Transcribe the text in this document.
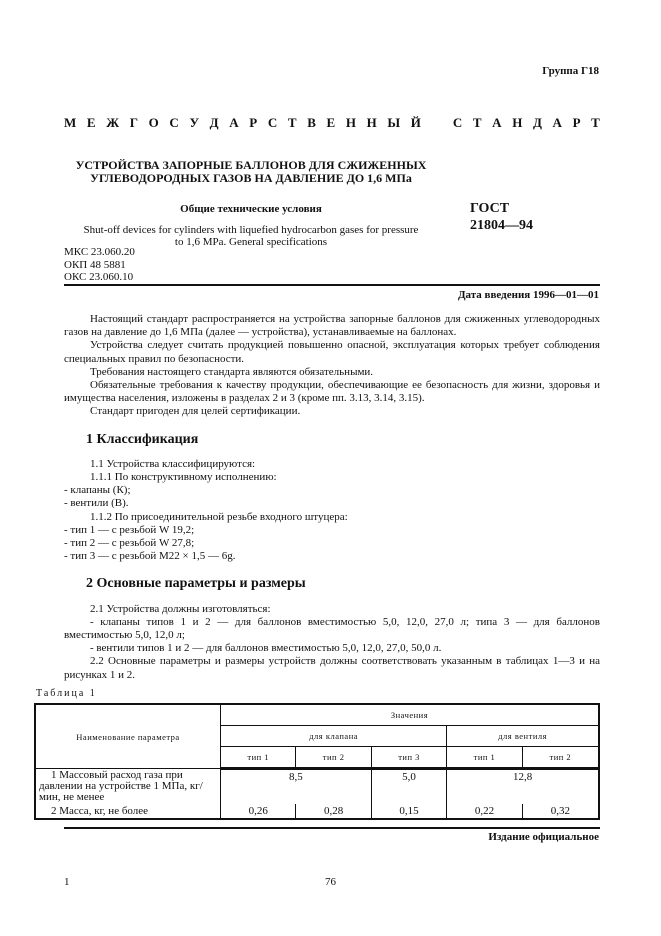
Группа Г18
М Е Ж Г О С У Д А Р С Т В Е Н Н Ы Й С Т А Н Д А Р Т
УСТРОЙСТВА ЗАПОРНЫЕ БАЛЛОНОВ ДЛЯ СЖИЖЕННЫХ
УГЛЕВОДОРОДНЫХ ГАЗОВ НА ДАВЛЕНИЕ ДО 1,6 МПа
Общие технические условия
Shut-off devices for cylinders with liquefied hydrocarbon gases for pressure
to 1,6 MPa. General specifications
ГОСТ
21804—94
МКС 23.060.20
ОКП 48 5881
ОКС 23.060.10
Дата введения 1996—01—01

Настоящий стандарт распространяется на устройства запорные баллонов для сжиженных углеводородных газов на давление до 1,6 МПа (далее — устройства), устанавливаемые на баллонах.

Устройства следует считать продукцией повышенно опасной, эксплуатация которых требует соблюдения специальных правил по безопасности.

Требования настоящего стандарта являются обязательными.

Обязательные требования к качеству продукции, обеспечивающие ее безопасность для жизни, здоровья и имущества населения, изложены в разделах 2 и 3 (кроме пп. 3.13, 3.14, 3.15).

Стандарт пригоден для целей сертификации.

1 Классификация

1.1 Устройства классифицируются:

1.1.1 По конструктивному исполнению:

- клапаны (К);

- вентили (В).

1.1.2 По присоединительной резьбе входного штуцера:

- тип 1 — с резьбой W 19,2;

- тип 2 — с резьбой W 27,8;

- тип 3 — с резьбой М22 × 1,5 — 6g.

2 Основные параметры и размеры

2.1 Устройства должны изготовляться:

- клапаны типов 1 и 2 — для баллонов вместимостью 5,0, 12,0, 27,0 л; типа 3 — для баллонов вместимостью 5,0, 12,0 л;

- вентили типов 1 и 2 — для баллонов вместимостью 5,0, 12,0, 27,0, 50,0 л.

2.2 Основные параметры и размеры устройств должны соответствовать указанным в таблицах 1—3 и на рисунках 1 и 2.

Таблица 1
Наименование параметра	Значения				
	для клапана			для вентиля	
	тип 1	тип 2	тип 3	тип 1	тип 2
1 Массовый расход газа при давлении на устройстве 1 МПа, кг/мин, не менее	8,5		5,0	12,8	
2 Масса, кг, не более	0,26	0,28	0,15	0,22	0,32
Издание официальное
1	76
